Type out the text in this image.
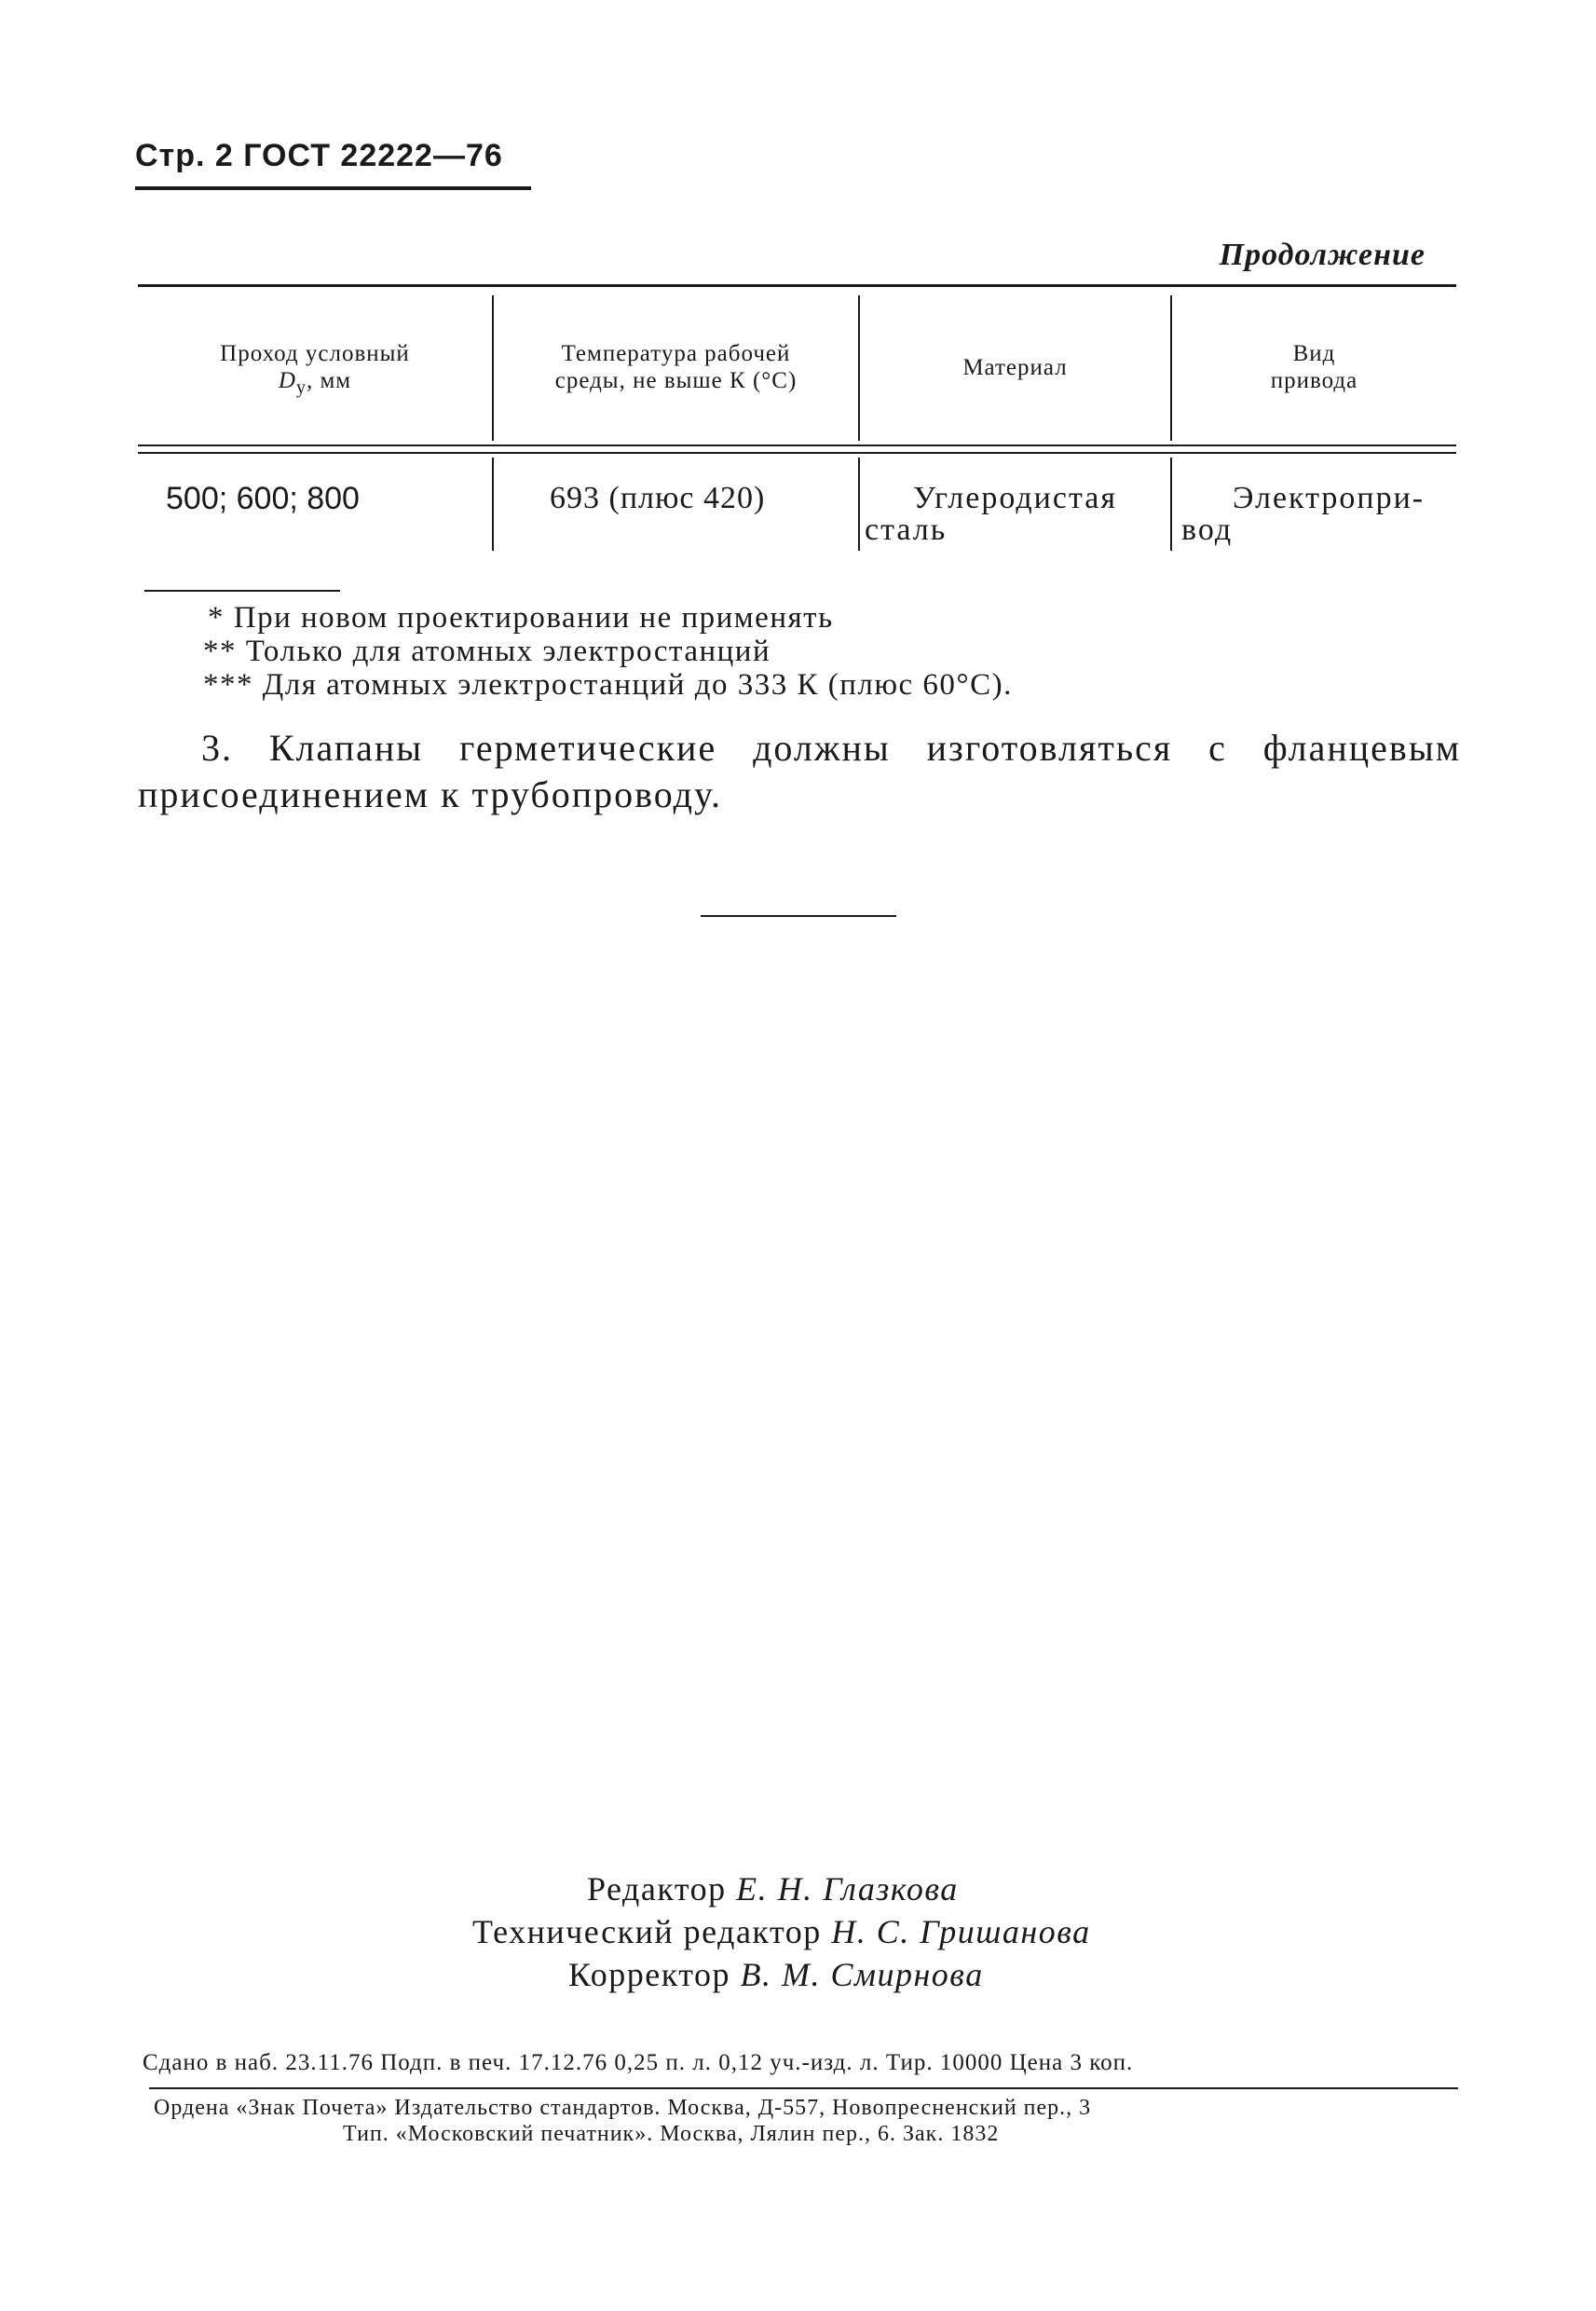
Стр. 2 ГОСТ 22222—76
Продолжение
Проход условный
$D_у$, мм
Температура рабочей
среды, не выше К (°С)
Материал
Вид
привода
500; 600; 800	693 (плюс 420)	Углеродистая
сталь
Электропри-
вод
* При новом проектировании не применять
** Только для атомных электростанций
*** Для атомных электростанций до 333 К (плюс 60°С).
3. Клапаны герметические должны изготовляться с фланцевым присоединением к трубопроводу.
Редактор Е. Н. Глазкова
Технический редактор Н. С. Гришанова
Корректор В. М. Смирнова
Сдано в наб. 23.11.76 Подп. в печ. 17.12.76 0,25 п. л. 0,12 уч.-изд. л. Тир. 10000 Цена 3 коп.
Ордена «Знак Почета» Издательство стандартов. Москва, Д-557, Новопресненский пер., 3
Тип. «Московский печатник». Москва, Лялин пер., 6. Зак. 1832
